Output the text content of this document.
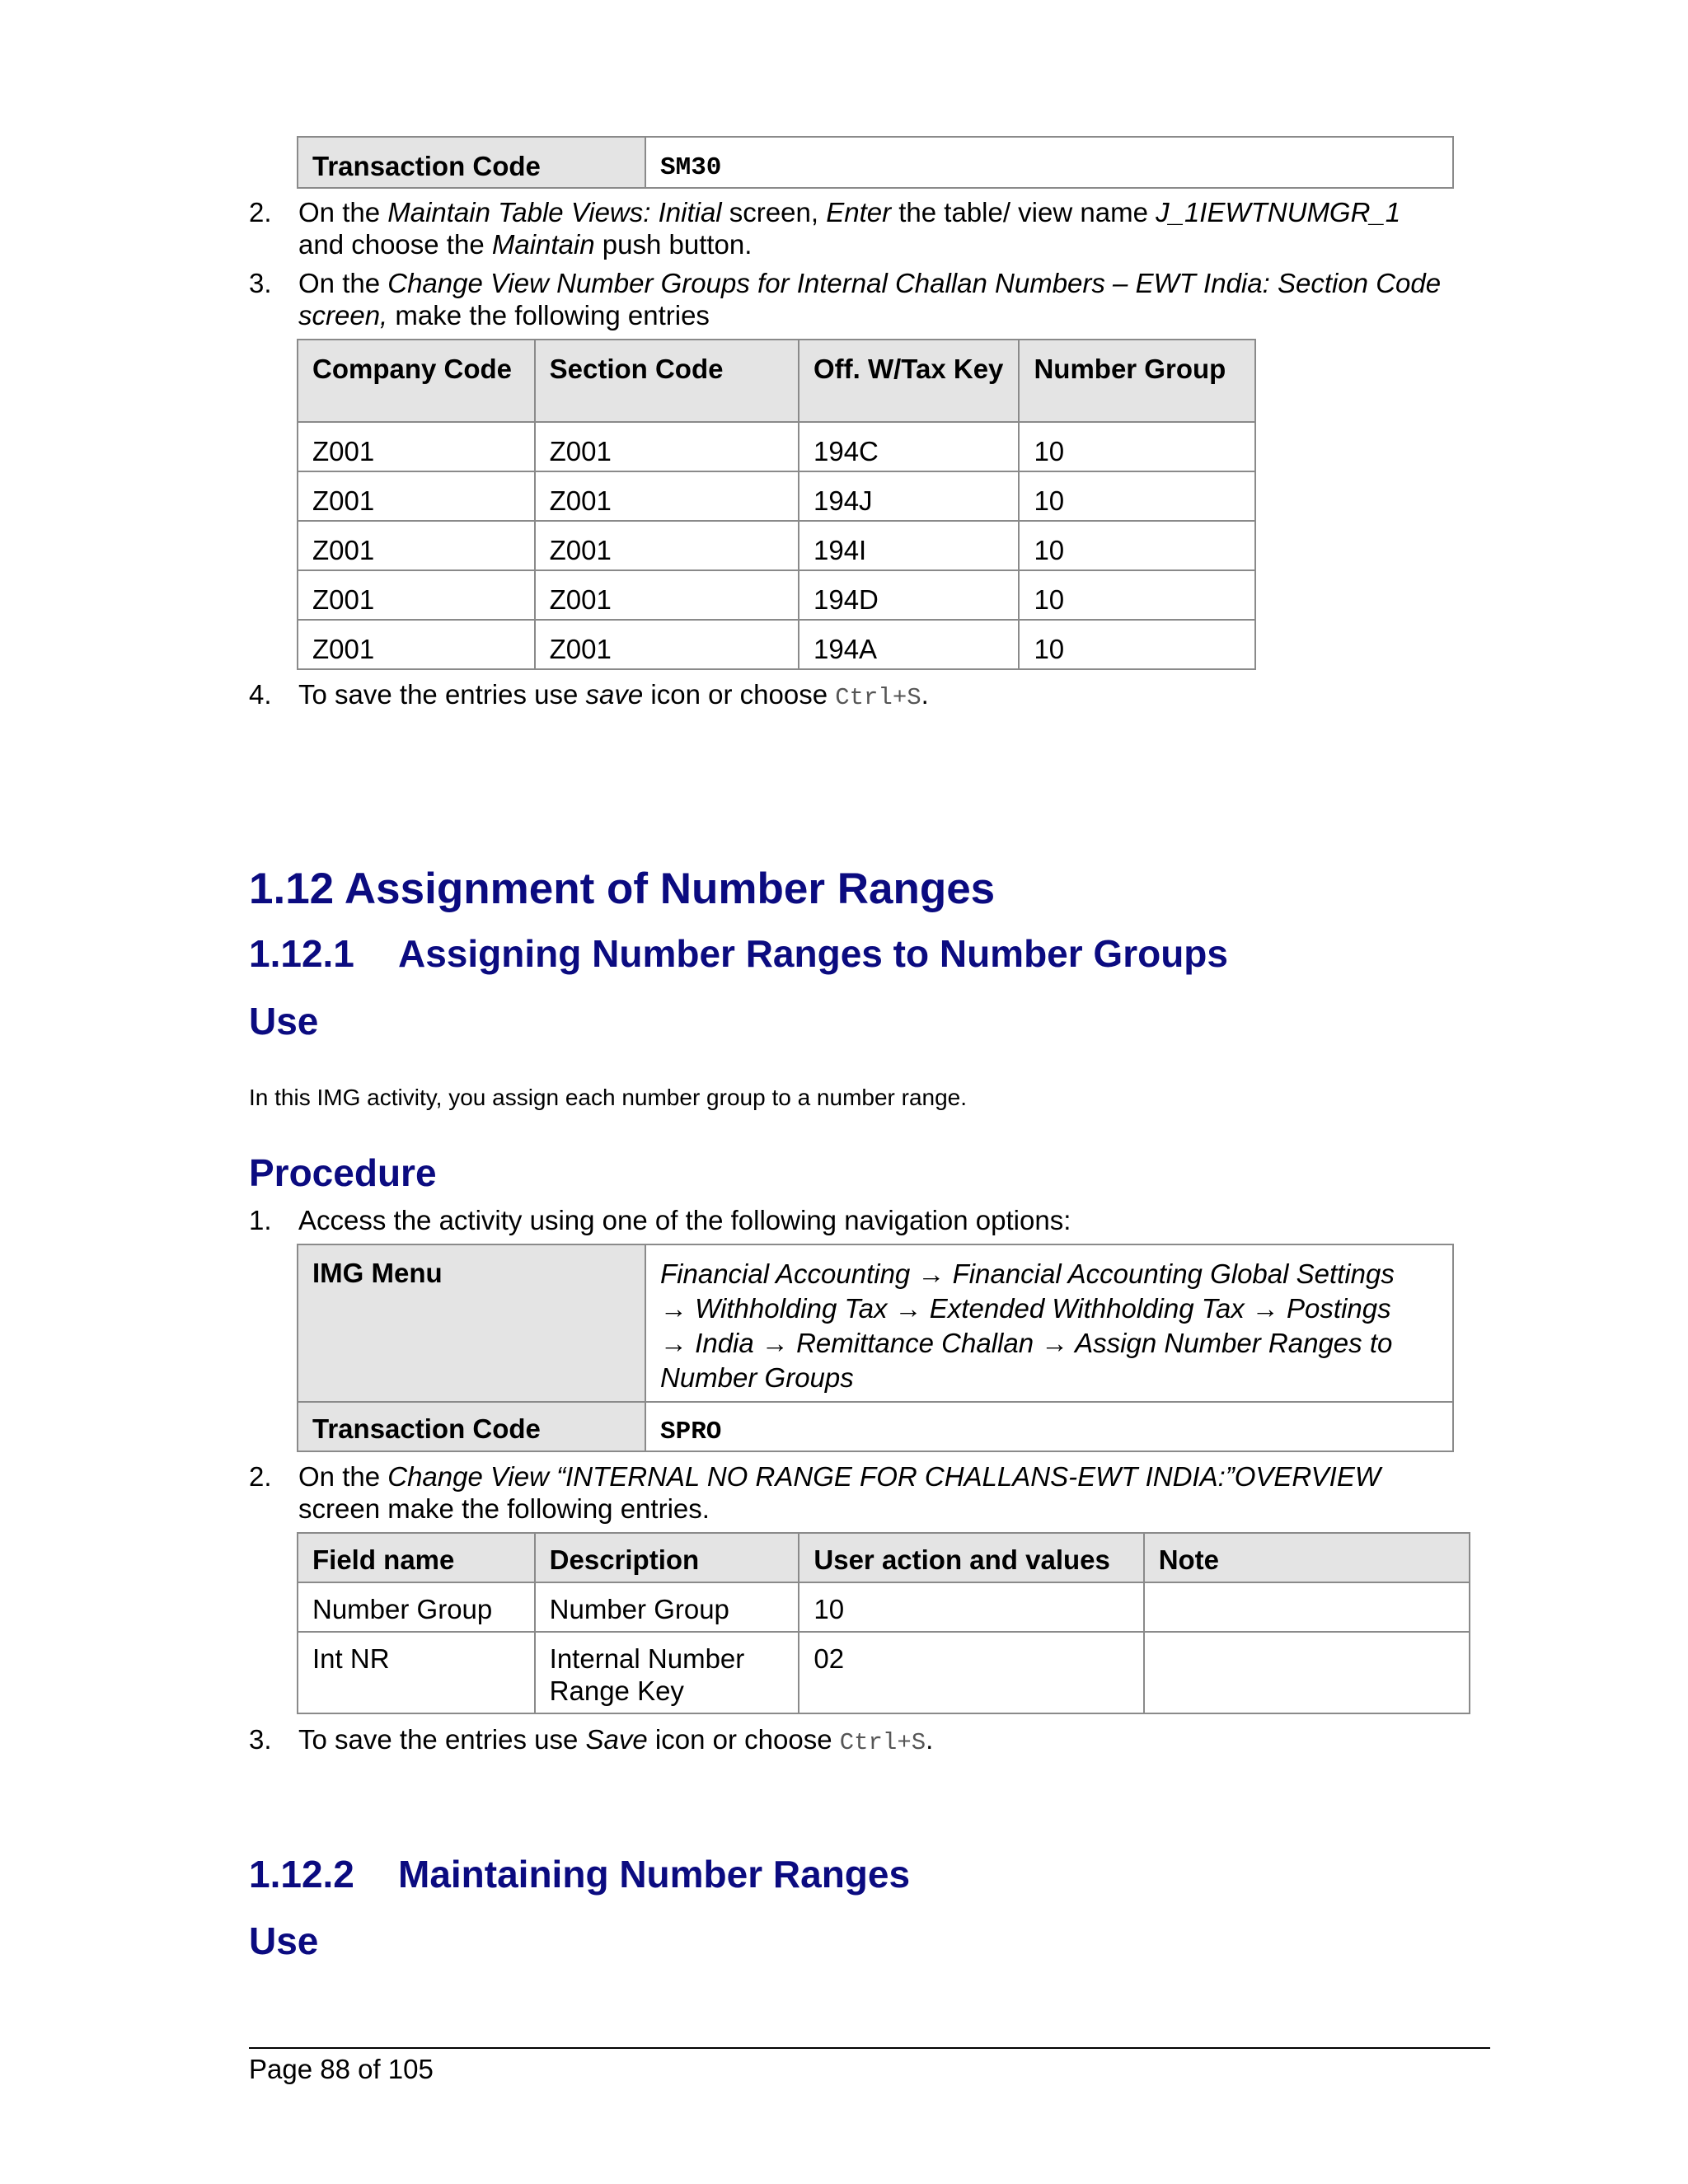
Transaction Code	SM30
2. On the Maintain Table Views: Initial screen, Enter the table/ view name J_1IEWTNUMGR_1
and choose the Maintain push button.
3. On the Change View Number Groups for Internal Challan Numbers – EWT India: Section Code screen, make the following entries
Company Code	Section Code	Off. W/Tax Key	Number Group
Z001	Z001	194C	10
Z001	Z001	194J	10
Z001	Z001	194I	10
Z001	Z001	194D	10
Z001	Z001	194A	10
4. To save the entries use save icon or choose Ctrl+S.
1.12 Assignment of Number Ranges
1.12.1 Assigning Number Ranges to Number Groups
Use
In this IMG activity, you assign each number group to a number range.
Procedure
1. Access the activity using one of the following navigation options:
IMG Menu	Financial Accounting → Financial Accounting Global Settings → Withholding Tax → Extended Withholding Tax → Postings → India → Remittance Challan → Assign Number Ranges to Number Groups
Transaction Code	SPRO
2. On the Change View “INTERNAL NO RANGE FOR CHALLANS-EWT INDIA:”OVERVIEW
screen make the following entries.
Field name	Description	User action and values	Note
Number Group	Number Group	10	
Int NR	Internal Number Range Key	02	
3. To save the entries use Save icon or choose Ctrl+S.
1.12.2 Maintaining Number Ranges
Use
Page 88 of 105
